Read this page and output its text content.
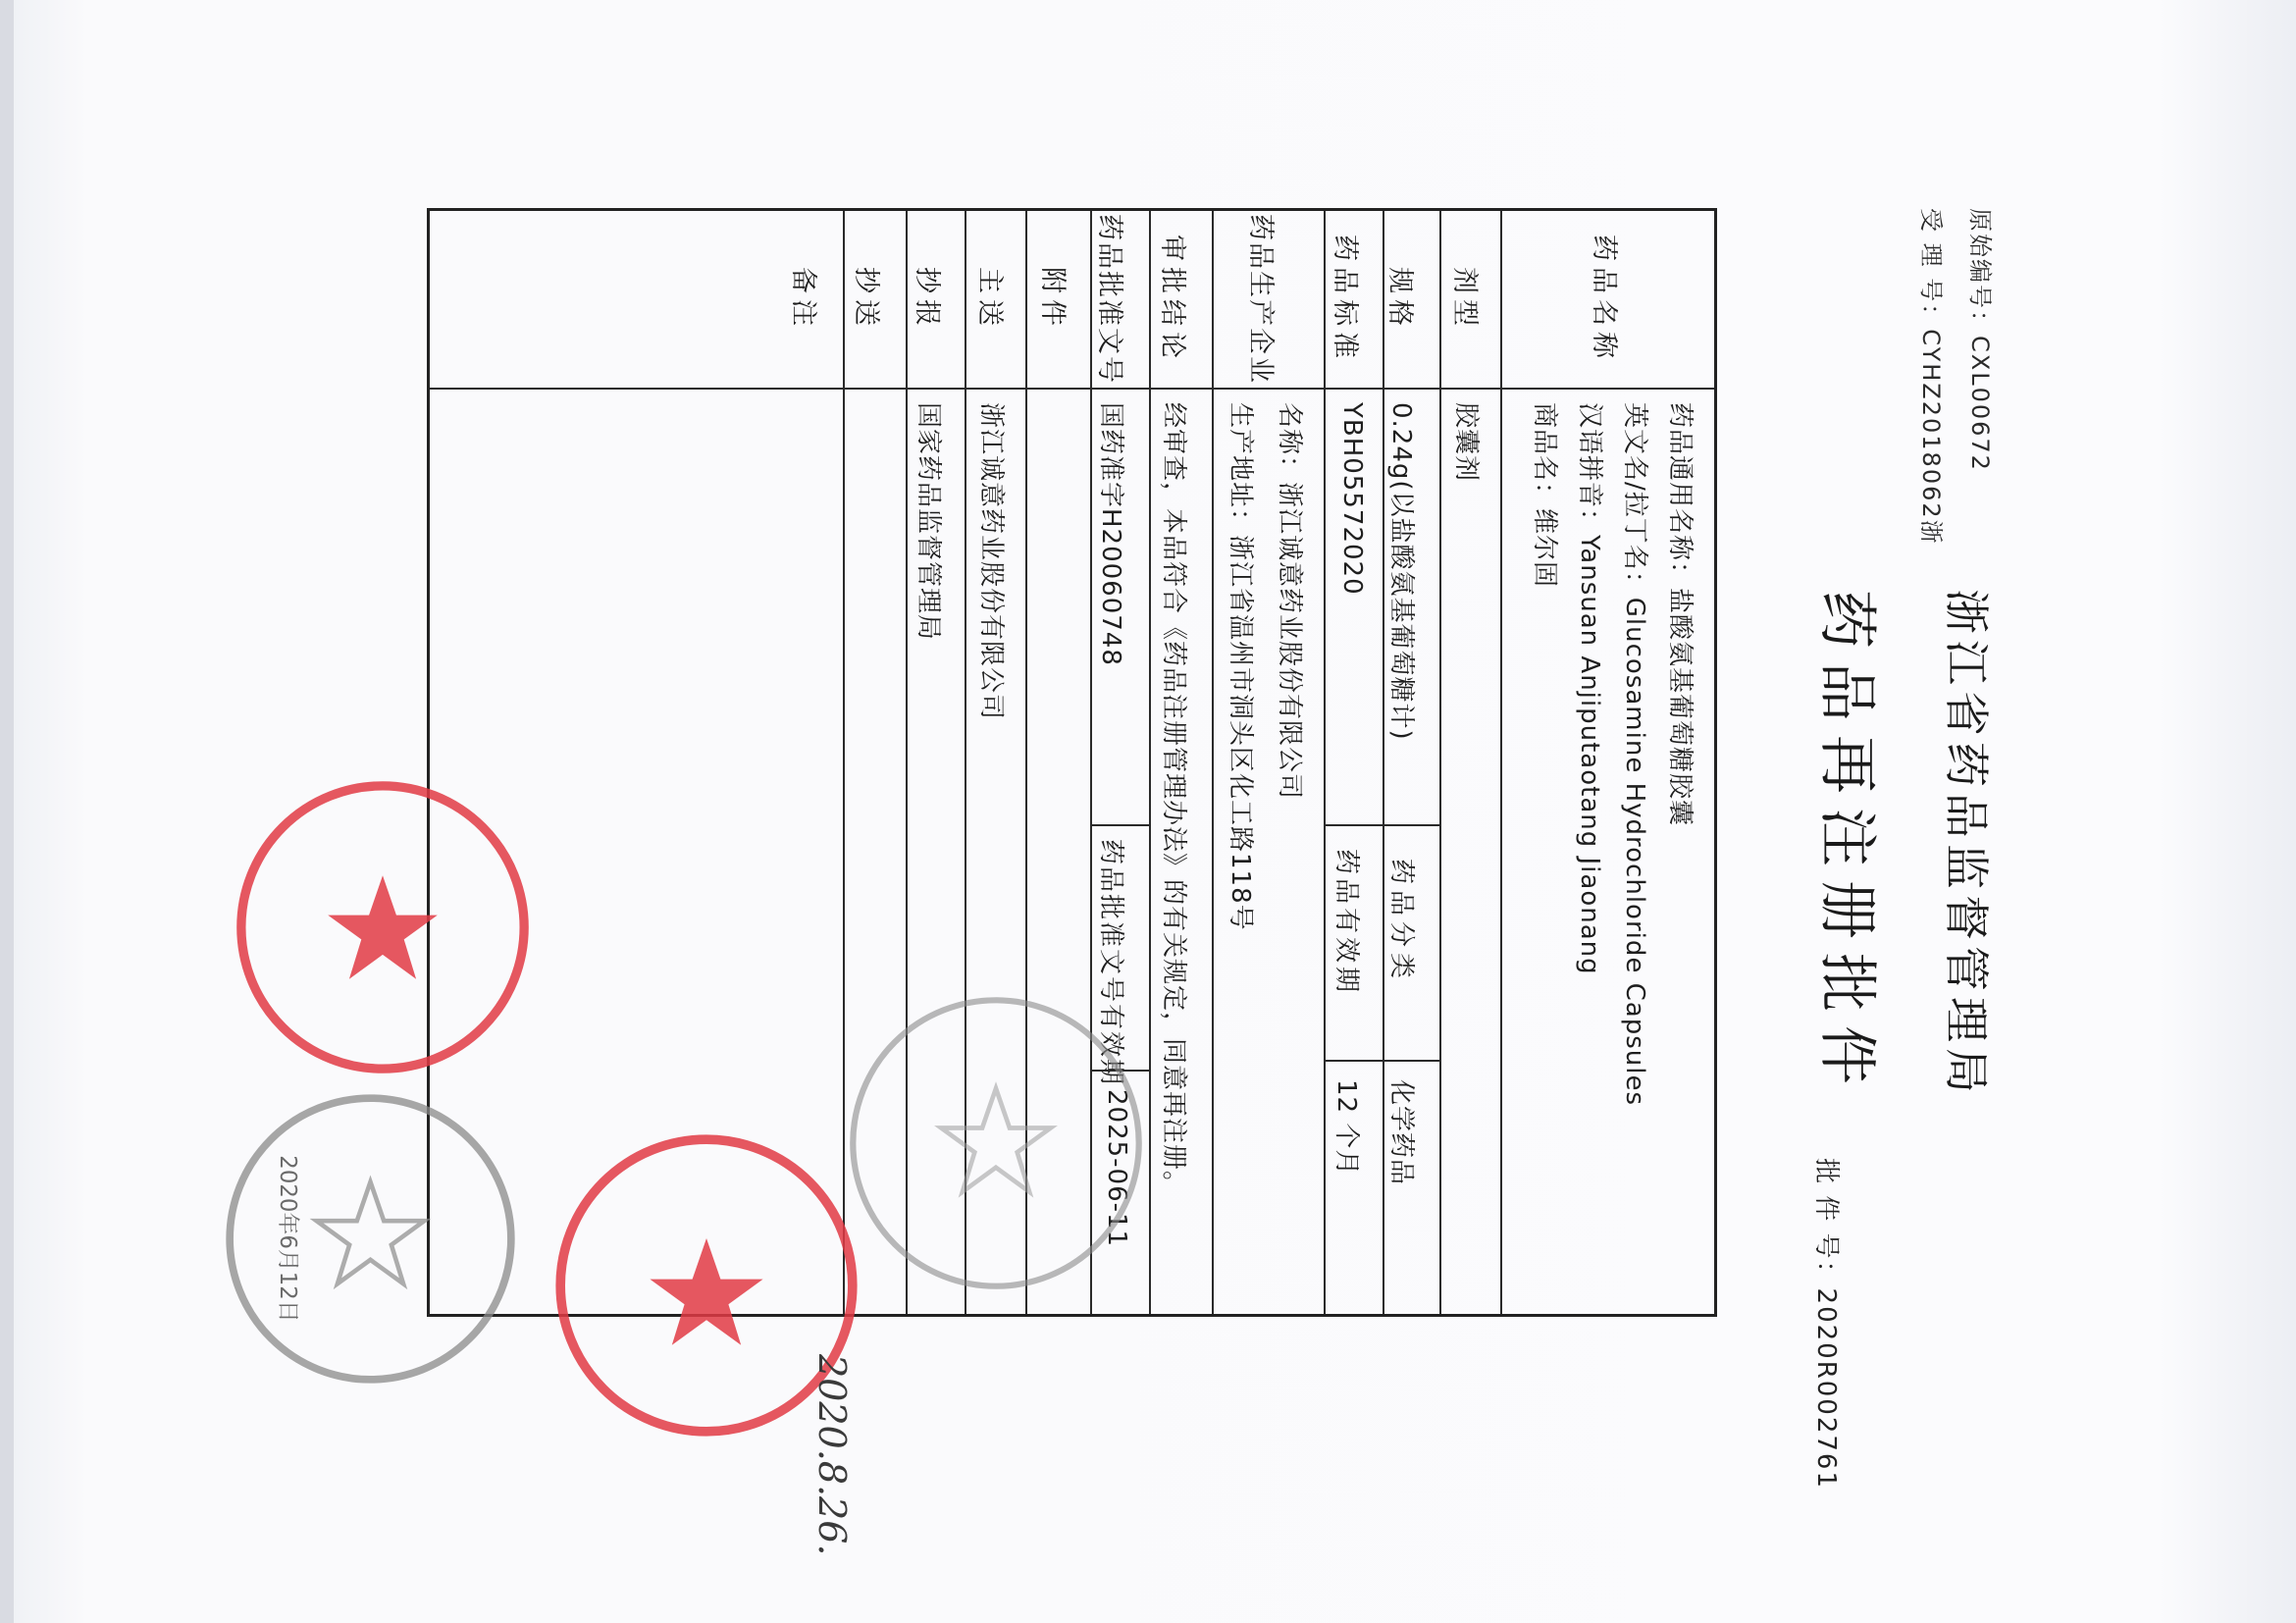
原始编号：CXL00672
受 理 号：CYHZ2018062浙
浙江省药品监督管理局
药品再注册批件
批 件 号：2020R002761
药品名称
药品通用名称：盐酸氨基葡萄糖胶囊
英文名/拉丁名：Glucosamine Hydrochloride Capsules
汉语拼音：Yansuan Anjiputaotang Jiaonang
商品名：维尔固
剂型
胶囊剂
规格
0.24g(以盐酸氨基葡萄糖计)
药品分类
化学药品
药品标准
YBH05572020
药品有效期
12 个月
药品生产企业
名称：浙江诚意药业股份有限公司
生产地址：浙江省温州市洞头区化工路118号
审批结论
经审查，本品符合《药品注册管理办法》的有关规定，同意再注册。
药品批准文号
国药准字H20060748
药品批准文号有效期
2025-06-11
附件
主送
浙江诚意药业股份有限公司
抄报
国家药品监督管理局
抄送
备注
2020年6月12日
2020.8.26.
